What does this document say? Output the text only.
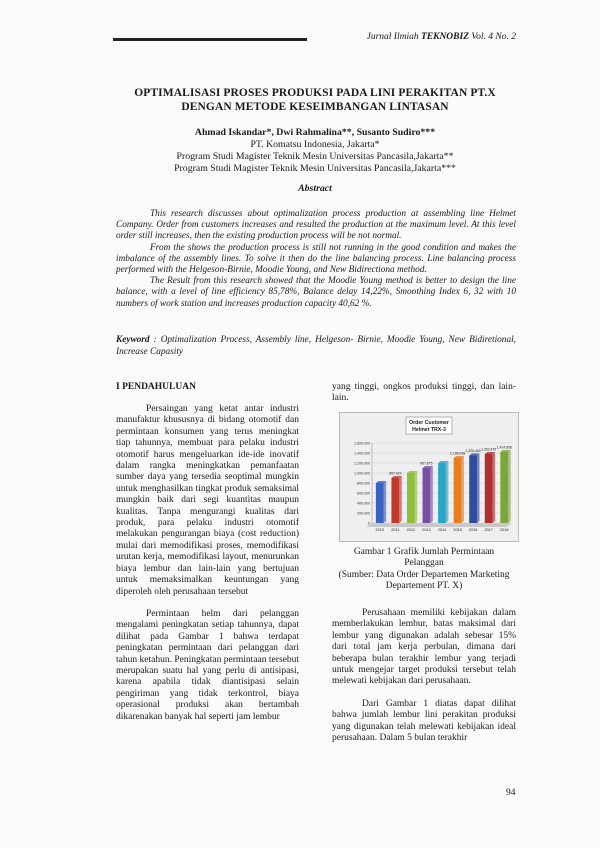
Jurnal Ilmiah TEKNOBIZ Vol. 4 No. 2
OPTIMALISASI PROSES PRODUKSI PADA LINI PERAKITAN PT.X
DENGAN METODE KESEIMBANGAN LINTASAN
Ahmad Iskandar*, Dwi Rahmalina**, Susanto Sudiro***
PT. Komatsu Indonesia, Jakarta*
Program Studi Magister Teknik Mesin Universitas Pancasila,Jakarta**
Program Studi Magister Teknik Mesin Universitas Pancasila,Jakarta***
Abstract

This research discusses about optimalization process production at assembling line Helmet Company. Order from customers increases and resulted the production at the maximum level. At this level order still increases, then the existing production process will be not normal.

From the shows the production process is still not running in the good condition and makes the imbalance of the assembly lines. To solve it then do the line balancing process. Line balancing process performed with the Helgeson-Birnie, Moodie Young, and New Bidirectiona method.

The Result from this research showed that the Moodie Young method is better to design the line balance, with a level of line efficiency 85,78%, Balance delay 14,22%, Smoothing Index 6, 32 with 10 numbers of work station and increases production capacity 40,62 %.

Keyword : Optimalization Process, Assembly line, Helgeson- Birnie, Moodie Young, New Bidiretional, Increase Capasity
I PENDAHULUAN

Persaingan yang ketat antar industri manufaktur khususnya di bidang otomotif dan permintaan konsumen yang terus meningkat tiap tahunnya, membuat para pelaku industri otomotif harus mengeluarkan ide-ide inovatif dalam rangka meningkatkan pemanfaatan sumber daya yang tersedia seoptimal mungkin untuk menghasilkan tingkat produk semaksimal mungkin baik dari segi kuantitas maupun kualitas. Tanpa mengurangi kualitas dari produk, para pelaku industri otomotif melakukan pengurangan biaya (cost reduction) mulai dari memodifikasi proses, memodifikasi urutan kerja, memodifikasi layout, menurunkan biaya lembur dan lain-lain yang bertujuan untuk memaksimalkan keuntungan yang diperoleh oleh perusahaan tersebut

Permintaan helm dari pelanggan mengalami peningkatan setiap tahunnya, dapat dilihat pada Gambar 1 bahwa terdapat peningkatan permintaan dari pelanggan dari tahun ketahun. Peningkatan permintaan tersebut merupakan suatu hal yang perlu di antisipasi, karena apabila tidak diantisipasi selain pengiriman yang tidak terkontrol, biaya operasional produksi akan bertambah dikarenakan banyak hal seperti jam lembur

yang tinggi, ongkos produksi tinggi, dan lain-lain.

Order Customer
Helmet TRX-3
0
200,000
400,000
600,000
800,000
1,000,000
1,200,000
1,400,000
1,600,000
2010 2011
857,419
2012 2013
967,675
2014 2015
1,196,058
2016
1,328,460
2017
1,352,475
2018
1,414,658
Gambar 1 Grafik Jumlah Permintaan
Pelanggan
(Sumber: Data Order Departemen Marketing
Departement PT. X)

Perusahaan memiliki kebijakan dalam memberlakukan lembur, batas maksimal dari lembur yang digunakan adalah sebesar 15% dari total jam kerja perbulan, dimana dari beberapa bulan terakhir lembur yang terjadi untuk mengejar target produksi tersebut telah melewati kebijakan dari perusahaan.

Dari Gambar 1 diatas dapat dilihat bahwa jumlah lembur lini perakitan produksi yang digunakan telah melewati kebijakan ideal perusahaan. Dalam 5 bulan terakhir

94
